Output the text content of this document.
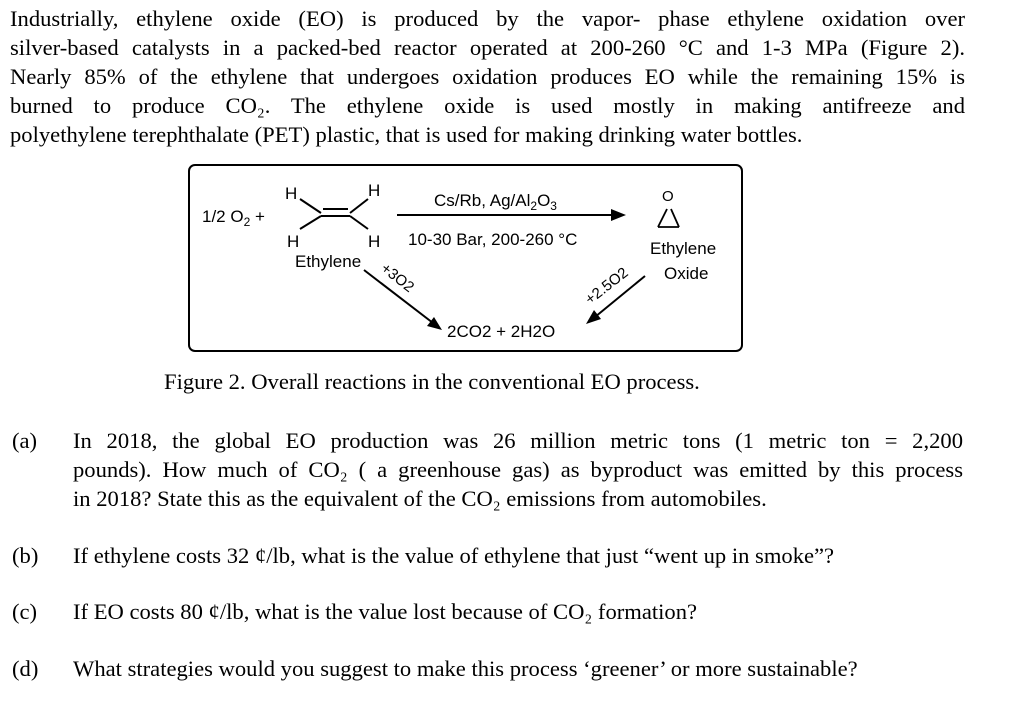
Industrially, ethylene oxide (EO) is produced by the vapor- phase ethylene oxidation over
silver-based catalysts in a packed-bed reactor operated at 200-260 °C and 1-3 MPa (Figure 2).
Nearly 85% of the ethylene that undergoes oxidation produces EO while the remaining 15% is
burned to produce CO₂. The ethylene oxide is used mostly in making antifreeze and
polyethylene terephthalate (PET) plastic, that is used for making drinking water bottles.
1/2 $O_2$ +
H	H
H	H
Ethylene
Cs/Rb, $Ag/Al_2O_3$
10-30 Bar, 200-260 °C
O
Ethylene
Oxide
+3O2	+2.5O2
2CO2 + 2H2O
Figure 2. Overall reactions in the conventional EO process.
(a) In 2018, the global EO production was 26 million metric tons (1 metric ton = 2,200
pounds). How much of CO₂ ( a greenhouse gas) as byproduct was emitted by this process
in 2018? State this as the equivalent of the CO₂ emissions from automobiles.
(b) If ethylene costs 32 ¢/lb, what is the value of ethylene that just “went up in smoke”?
(c) If EO costs 80 ¢/lb, what is the value lost because of CO₂ formation?
(d) What strategies would you suggest to make this process ‘greener’ or more sustainable?
